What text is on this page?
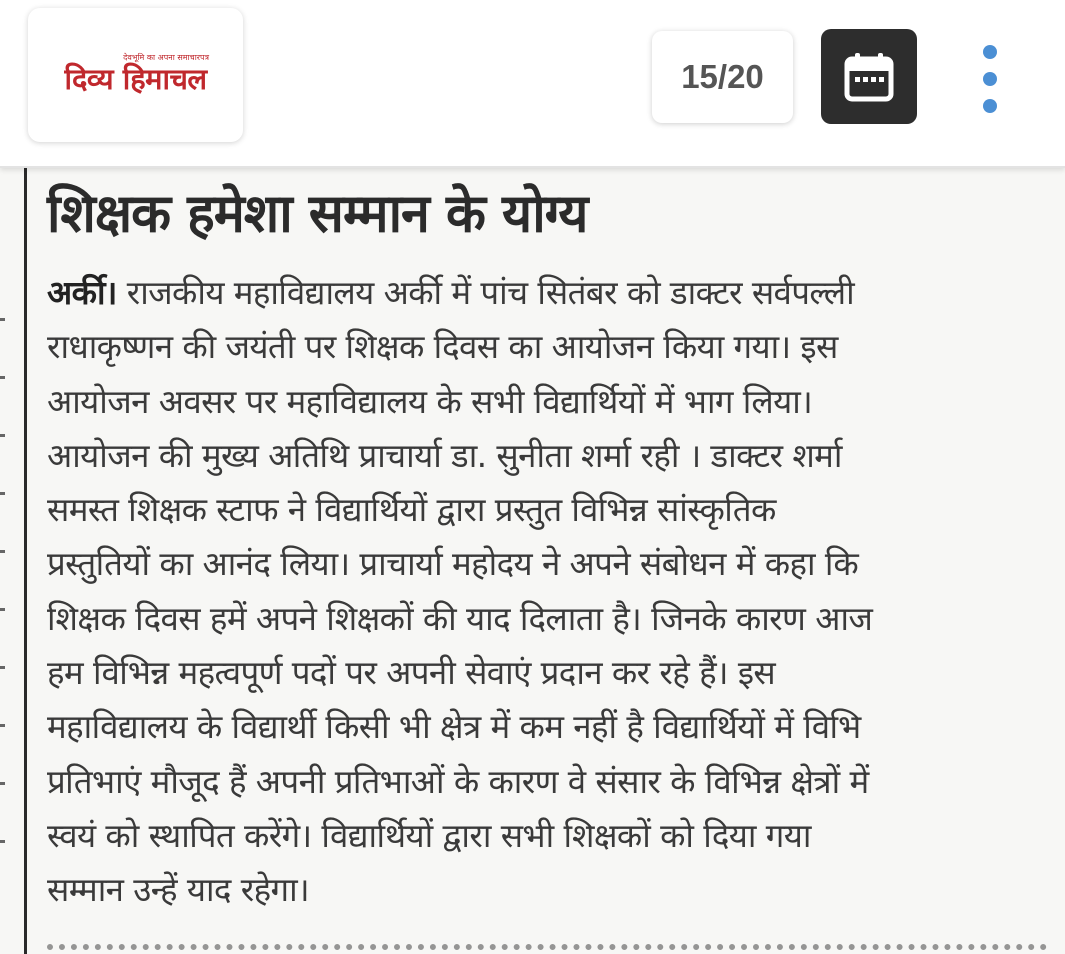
देवभूमि का अपना समाचारपत्र
दिव्य हिमाचल	15/20
शिक्षक हमेशा सम्मान के योग्य
अर्की। राजकीय महाविद्यालय अर्की में पांच सितंबर को डाक्टर सर्वपल्ली
राधाकृष्णन की जयंती पर शिक्षक दिवस का आयोजन किया गया। इस
आयोजन अवसर पर महाविद्यालय के सभी विद्यार्थियों में भाग लिया।
आयोजन की मुख्य अतिथि प्राचार्या डा. सुनीता शर्मा रही । डाक्टर शर्मा
समस्त शिक्षक स्टाफ ने विद्यार्थियों द्वारा प्रस्तुत विभिन्न सांस्कृतिक
प्रस्तुतियों का आनंद लिया। प्राचार्या महोदय ने अपने संबोधन में कहा कि
शिक्षक दिवस हमें अपने शिक्षकों की याद दिलाता है। जिनके कारण आज
हम विभिन्न महत्वपूर्ण पदों पर अपनी सेवाएं प्रदान कर रहे हैं। इस
महाविद्यालय के विद्यार्थी किसी भी क्षेत्र में कम नहीं है विद्यार्थियों में विभि
प्रतिभाएं मौजूद हैं अपनी प्रतिभाओं के कारण वे संसार के विभिन्न क्षेत्रों में
स्वयं को स्थापित करेंगे। विद्यार्थियों द्वारा सभी शिक्षकों को दिया गया
सम्मान उन्हें याद रहेगा।
